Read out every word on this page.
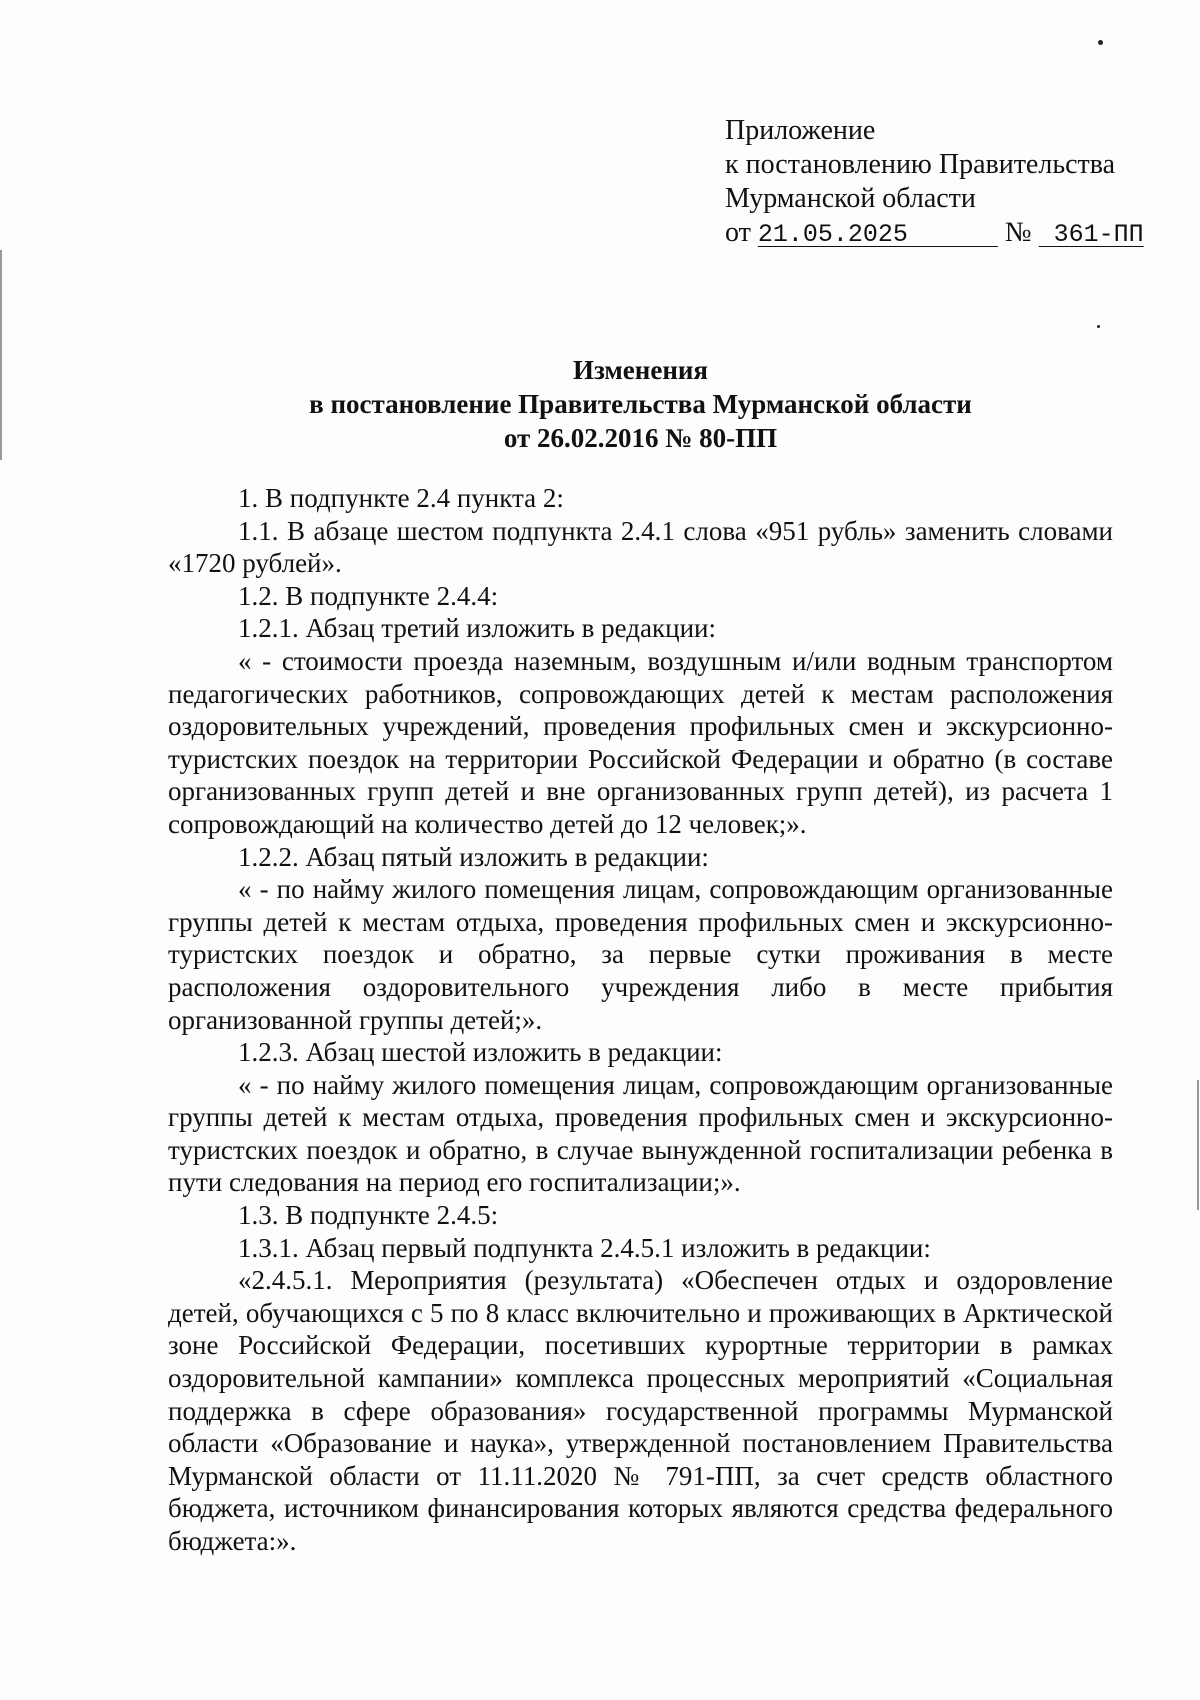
Приложение
к постановлению Правительства
Мурманской области
от 21.05.2025	№ 361-ПП
Изменения
в постановление Правительства Мурманской области
от 26.02.2016 № 80-ПП

1. В подпункте 2.4 пункта 2:

1.1. В абзаце шестом подпункта 2.4.1 слова «951 рубль» заменить словами «1720 рублей».

1.2. В подпункте 2.4.4:

1.2.1. Абзац третий изложить в редакции:

« - стоимости проезда наземным, воздушным и/или водным транспортом педагогических работников, сопровождающих детей к местам расположения оздоровительных учреждений, проведения профильных смен и экскурсионно-туристских поездок на территории Российской Федерации и обратно (в составе организованных групп детей и вне организованных групп детей), из расчета 1 сопровождающий на количество детей до 12 человек;».

1.2.2. Абзац пятый изложить в редакции:

« - по найму жилого помещения лицам, сопровождающим организованные группы детей к местам отдыха, проведения профильных смен и экскурсионно-туристских поездок и обратно, за первые сутки проживания в месте расположения оздоровительного учреждения либо в месте прибытия организованной группы детей;».

1.2.3. Абзац шестой изложить в редакции:

« - по найму жилого помещения лицам, сопровождающим организованные группы детей к местам отдыха, проведения профильных смен и экскурсионно-туристских поездок и обратно, в случае вынужденной госпитализации ребенка в пути следования на период его госпитализации;».

1.3. В подпункте 2.4.5:

1.3.1. Абзац первый подпункта 2.4.5.1 изложить в редакции:

«2.4.5.1. Мероприятия (результата) «Обеспечен отдых и оздоровление детей, обучающихся с 5 по 8 класс включительно и проживающих в Арктической зоне Российской Федерации, посетивших курортные территории в рамках оздоровительной кампании» комплекса процессных мероприятий «Социальная поддержка в сфере образования» государственной программы Мурманской области «Образование и наука», утвержденной постановлением Правительства Мурманской области от 11.11.2020 № 791-ПП, за счет средств областного бюджета, источником финансирования которых являются средства федерального бюджета:».
